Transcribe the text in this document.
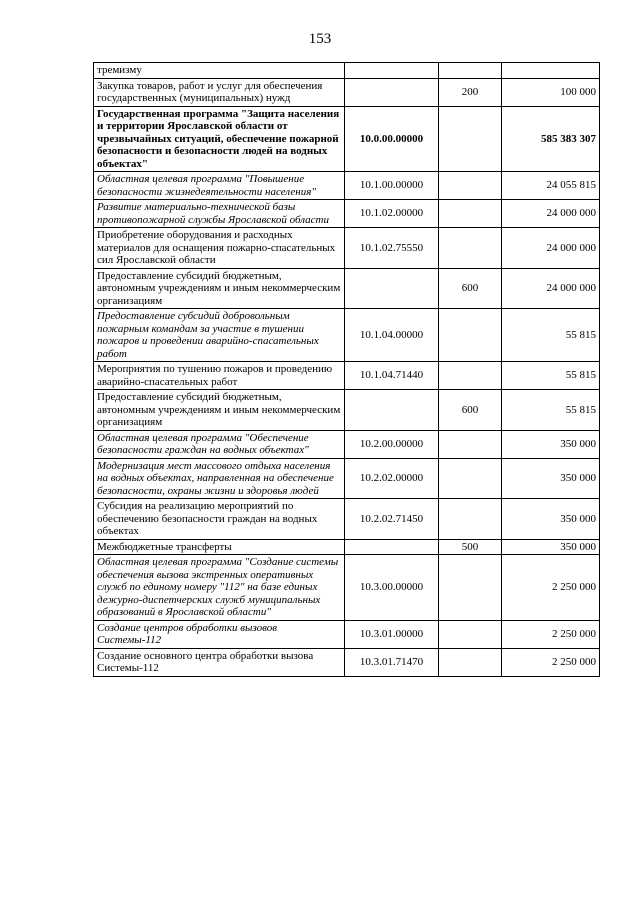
153
тремизму			
Закупка товаров, работ и услуг для обеспечения государственных (муниципальных) нужд		200	100 000
Государственная программа "Защита населения и территории Ярославской области от чрезвычайных ситуаций, обеспечение пожарной безопасности и безопасности людей на водных объектах"	10.0.00.00000		585 383 307
Областная целевая программа "Повышение безопасности жизнедеятельности населения"	10.1.00.00000		24 055 815
Развитие материально-технической базы противопожарной службы Ярославской области	10.1.02.00000		24 000 000
Приобретение оборудования и расходных материалов для оснащения пожарно-спасательных сил Ярославской области	10.1.02.75550		24 000 000
Предоставление субсидий бюджетным, автономным учреждениям и иным некоммерческим организациям		600	24 000 000
Предоставление субсидий добровольным пожарным командам за участие в тушении пожаров и проведении аварийно-спасательных работ	10.1.04.00000		55 815
Мероприятия по тушению пожаров и проведению аварийно-спасательных работ	10.1.04.71440		55 815
Предоставление субсидий бюджетным, автономным учреждениям и иным некоммерческим организациям		600	55 815
Областная целевая программа "Обеспечение безопасности граждан на водных объектах"	10.2.00.00000		350 000
Модернизация мест массового отдыха населения на водных объектах, направленная на обеспечение безопасности, охраны жизни и здоровья людей	10.2.02.00000		350 000
Субсидия на реализацию мероприятий по обеспечению безопасности граждан на водных объектах	10.2.02.71450		350 000
Межбюджетные трансферты		500	350 000
Областная целевая программа "Создание системы обеспечения вызова экстренных оперативных служб по единому номеру "112" на базе единых дежурно-диспетчерских служб муниципальных образований в Ярославской области"	10.3.00.00000		2 250 000
Создание центров обработки вызовов Системы-112	10.3.01.00000		2 250 000
Создание основного центра обработки вызова Системы-112	10.3.01.71470		2 250 000
